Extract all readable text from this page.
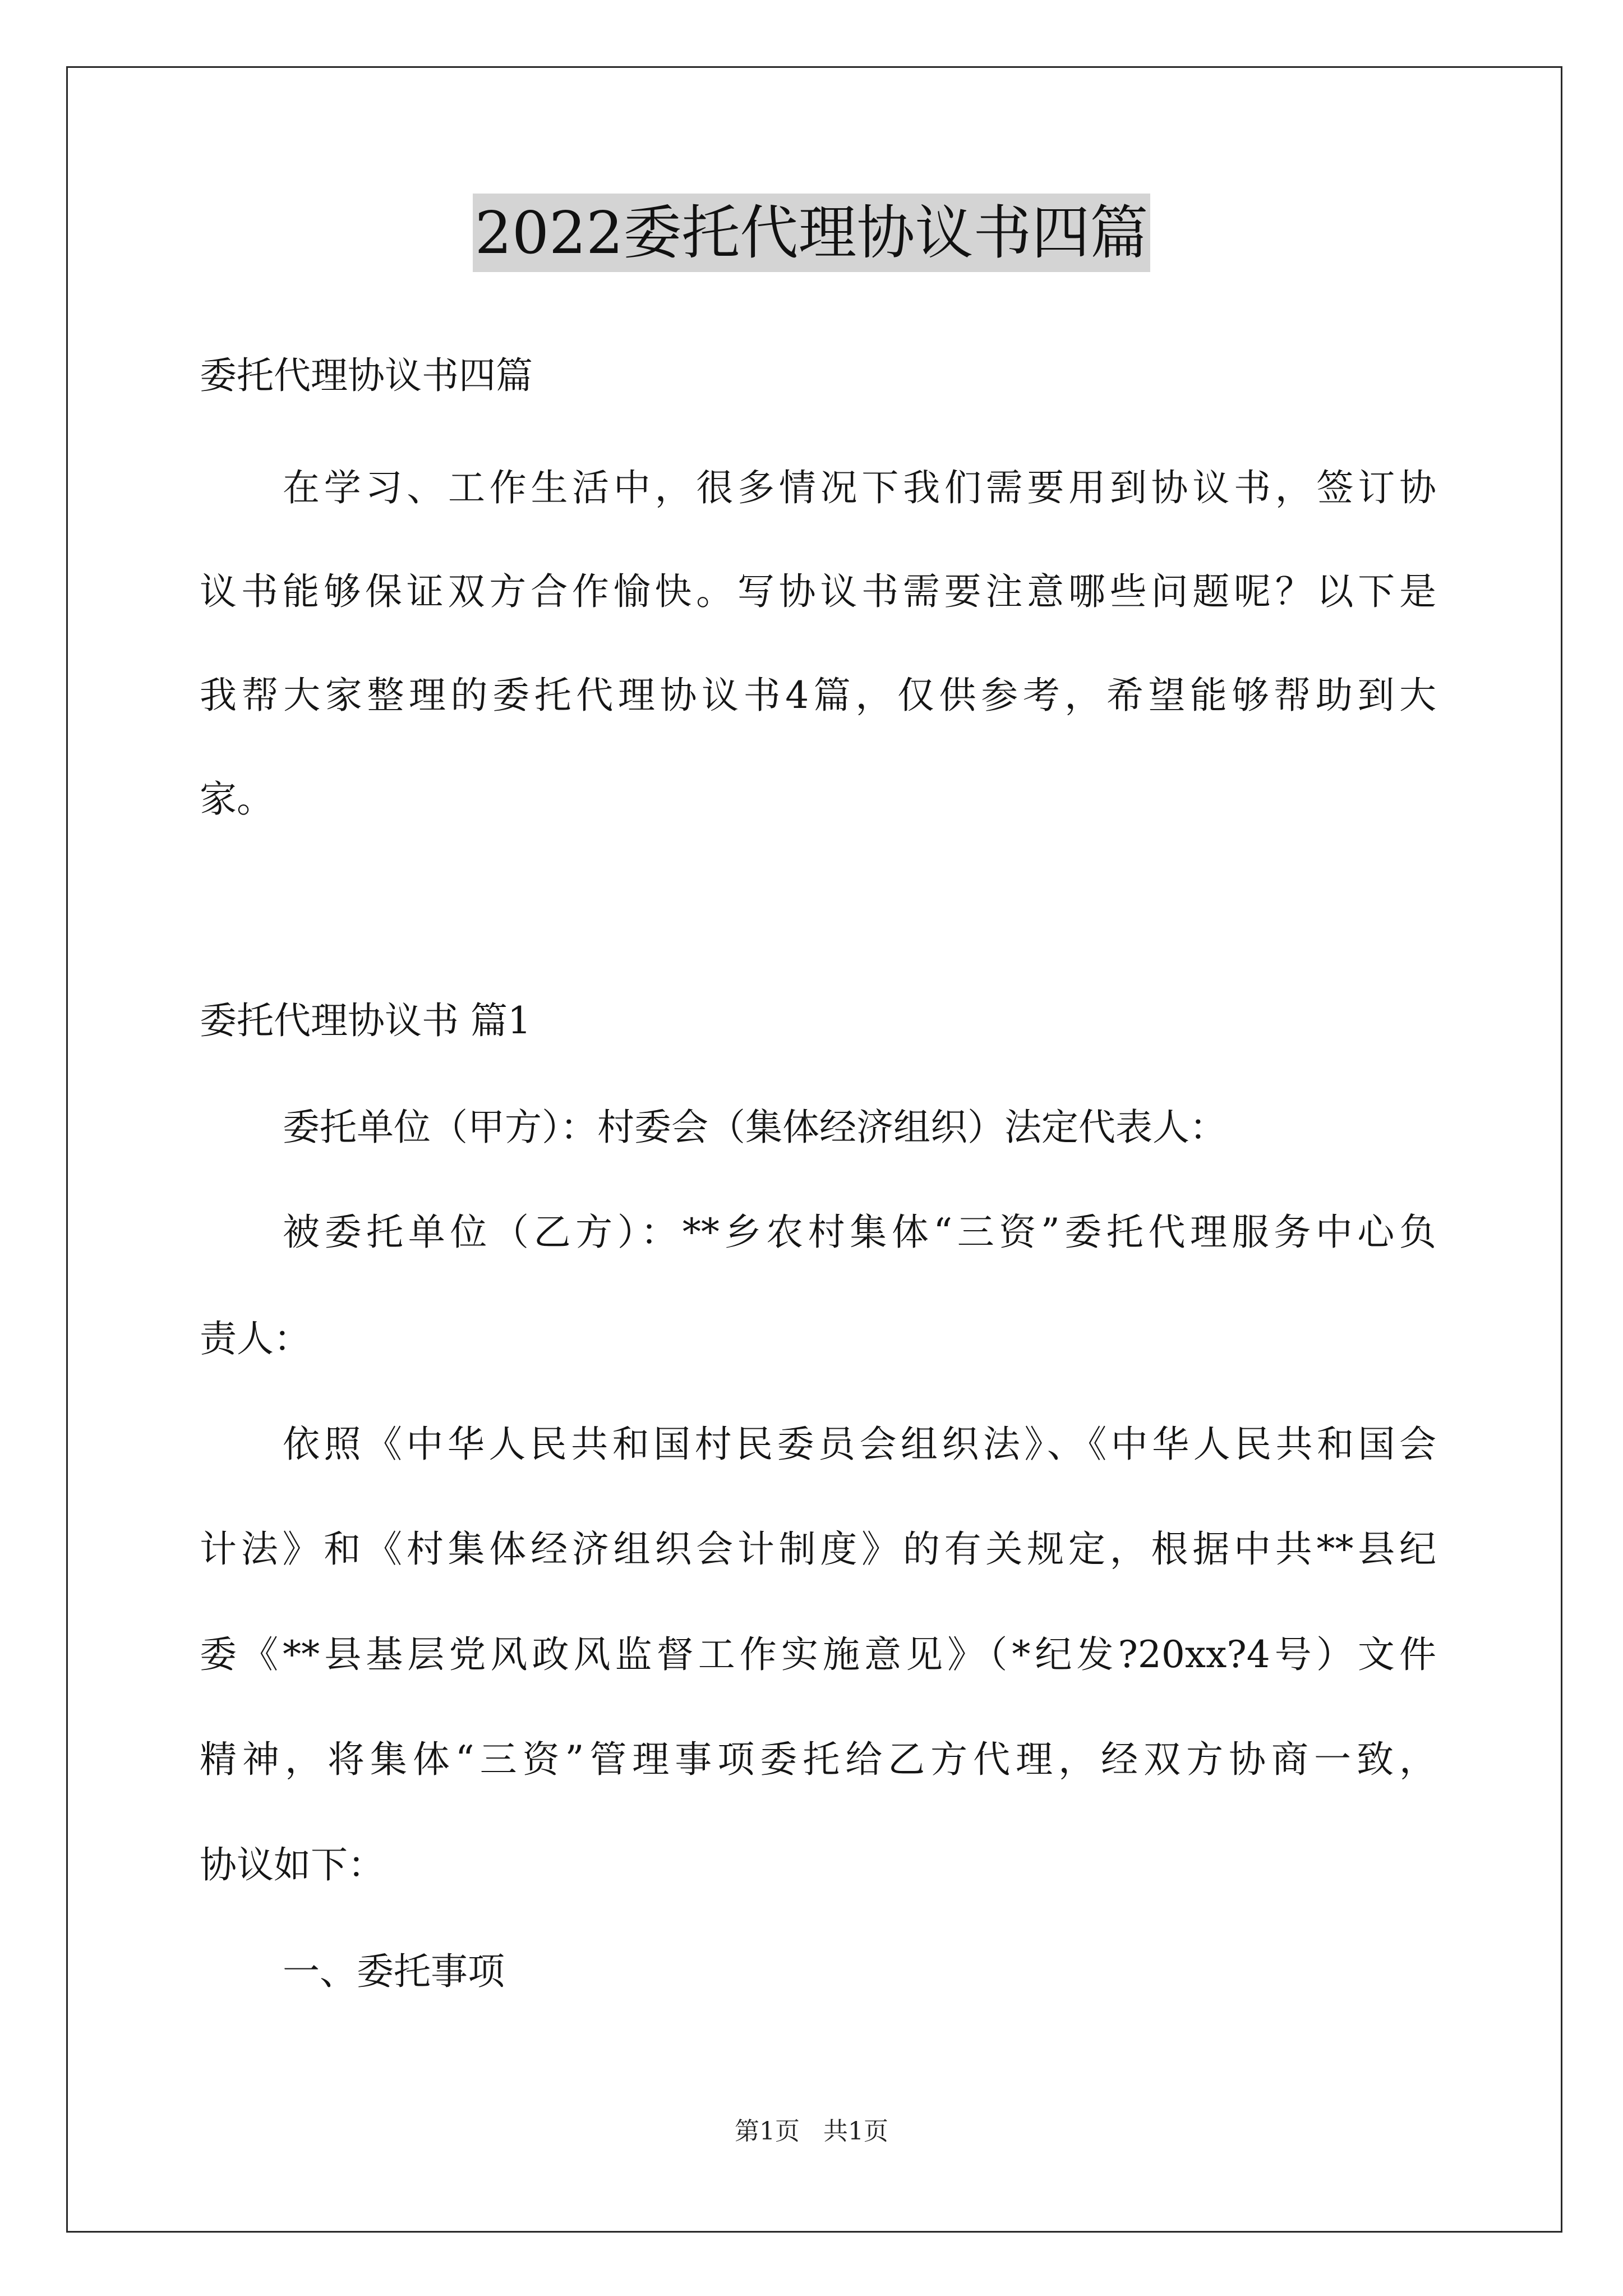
2022委托代理协议书四篇
委托代理协议书四篇
在学习、工作生活中，很多情况下我们需要用到协议书，签订协
议书能够保证双方合作愉快。写协议书需要注意哪些问题呢？以下是
我帮大家整理的委托代理协议书4篇，仅供参考，希望能够帮助到大
家。
委托代理协议书 篇1
委托单位（甲方）：村委会（集体经济组织）法定代表人：
被委托单位（乙方）：**乡农村集体“三资”委托代理服务中心负
责人：
依照《中华人民共和国村民委员会组织法》、《中华人民共和国会
计法》和《村集体经济组织会计制度》的有关规定，根据中共**县纪
委《**县基层党风政风监督工作实施意见》（*纪发?20xx?4号）文件
精神，将集体“三资”管理事项委托给乙方代理，经双方协商一致，
协议如下：
一、委托事项
第1页   共1页
